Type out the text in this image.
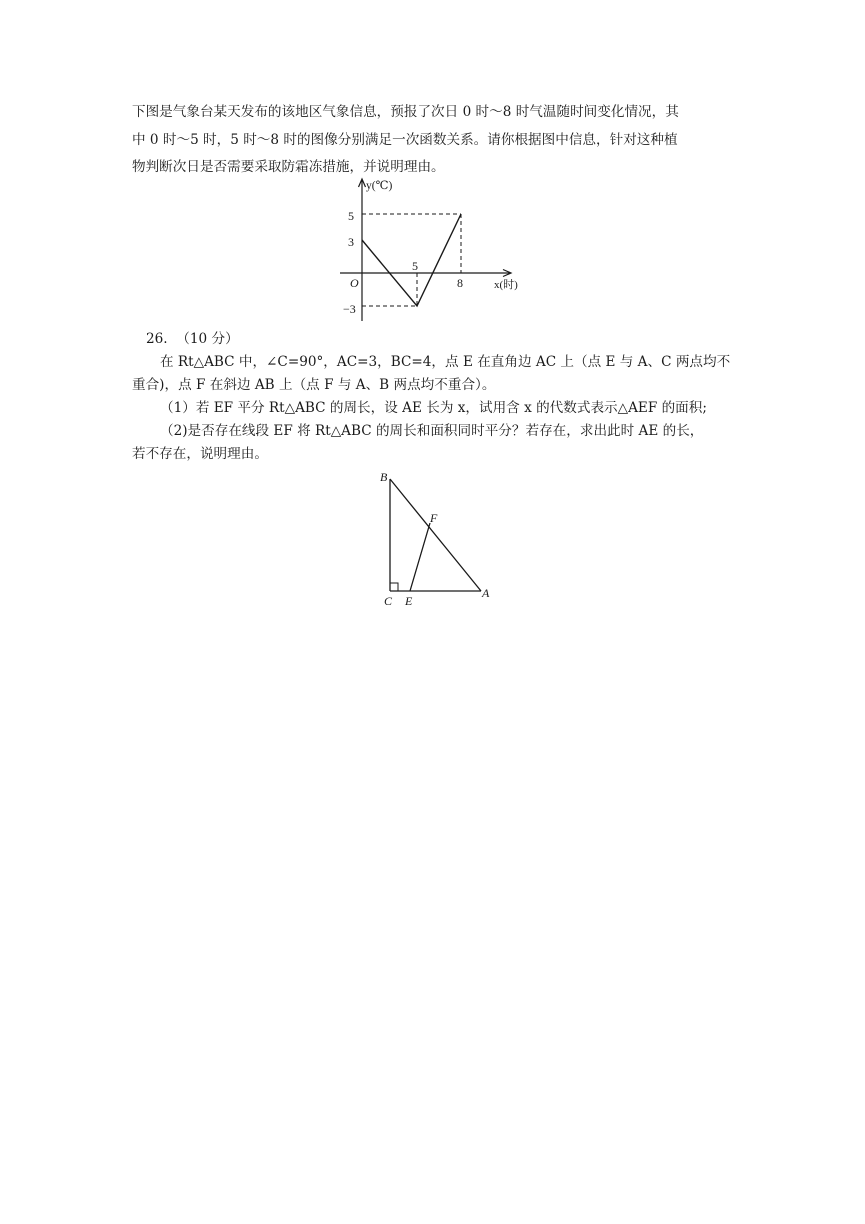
下图是气象台某天发布的该地区气象信息，预报了次日 0 时～8 时气温随时间变化情况，其
中 0 时～5 时，5 时～8 时的图像分别满足一次函数关系。请你根据图中信息，针对这种植
物判断次日是否需要采取防霜冻措施，并说明理由。
y(℃)
5
3
−3
O
5
8	x(时)
26. （10 分）
在 Rt△ABC 中，∠C=90°，AC=3，BC=4，点 E 在直角边 AC 上（点 E 与 A、C 两点均不
重合)，点 F 在斜边 AB 上（点 F 与 A、B 两点均不重合）。
（1）若 EF 平分 Rt△ABC 的周长，设 AE 长为 x，试用含 x 的代数式表示△AEF 的面积;
（2)是否存在线段 EF 将 Rt△ABC 的周长和面积同时平分？若存在，求出此时 AE 的长，
若不存在，说明理由。
B
F
C E
A
